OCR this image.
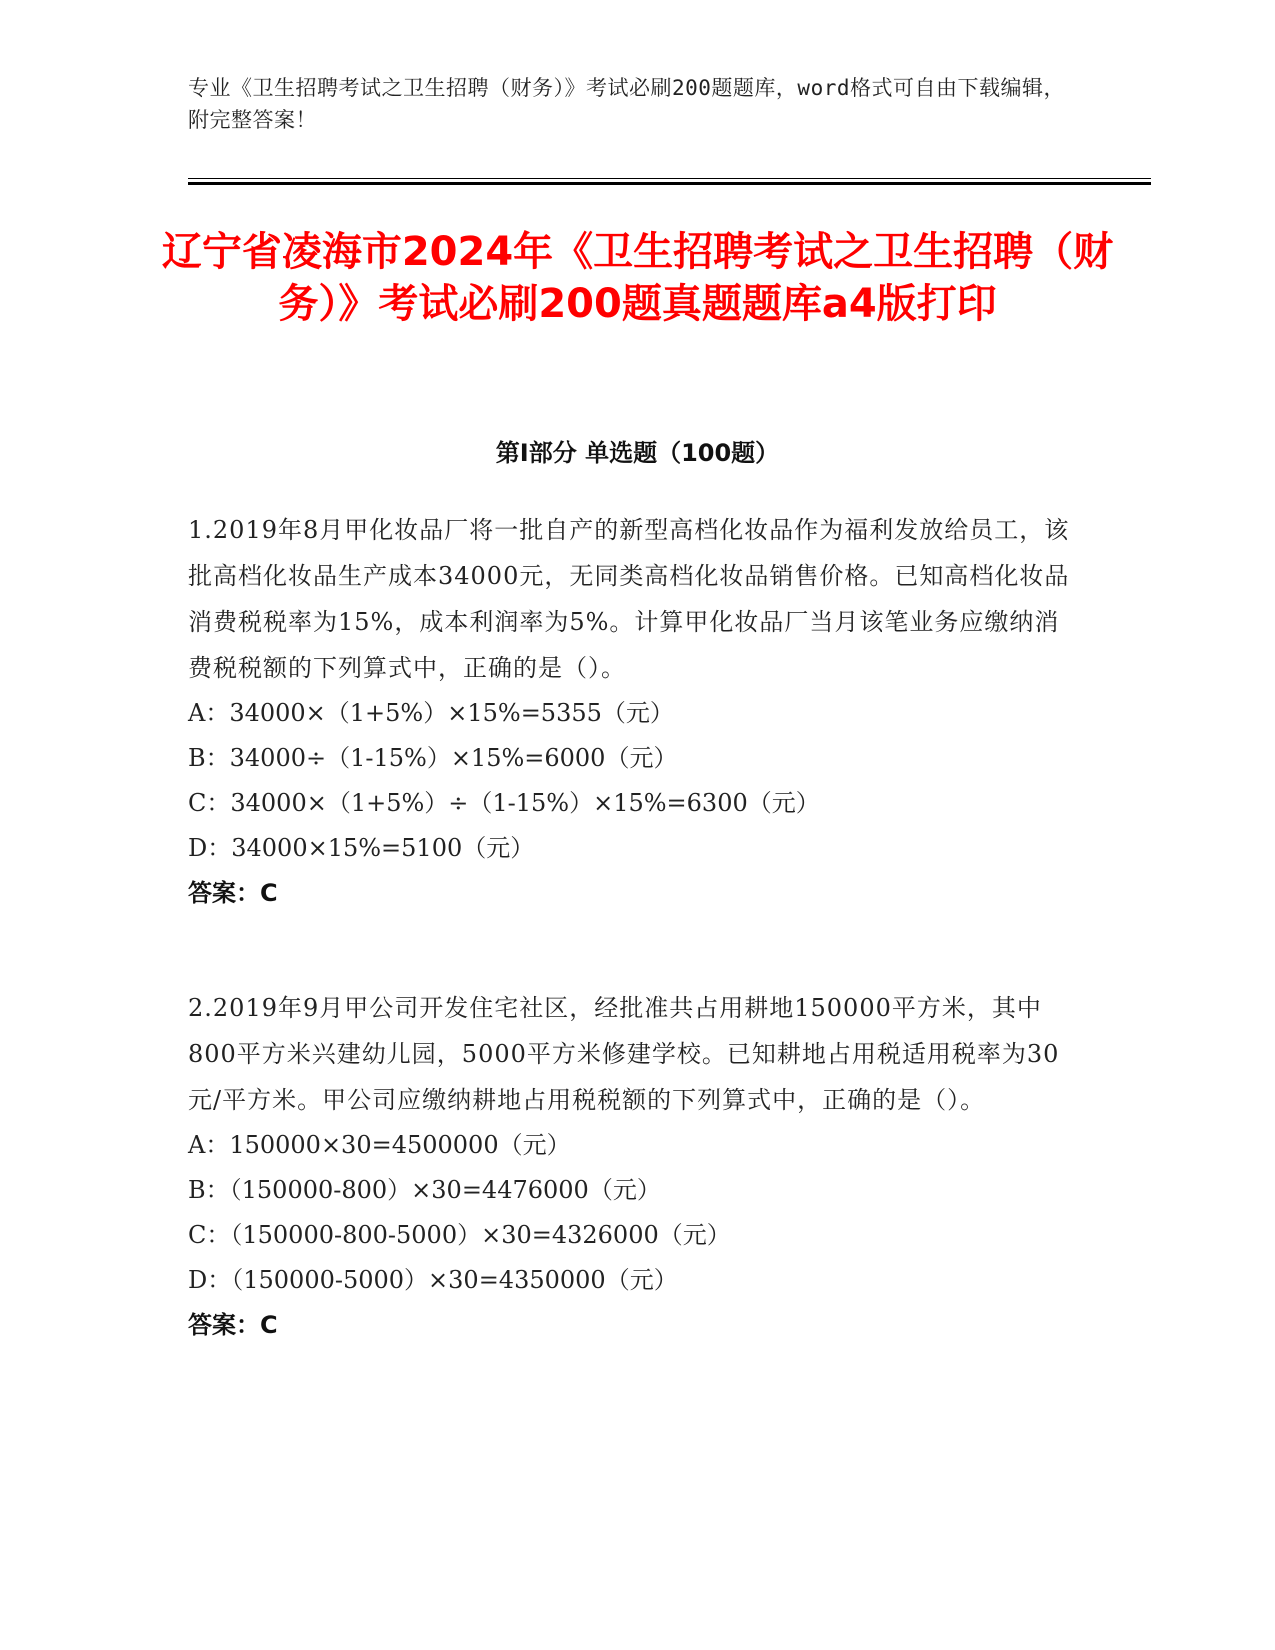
专业《卫生招聘考试之卫生招聘（财务）》考试必刷200题题库，word格式可自由下载编辑，附完整答案！
辽宁省凌海市2024年《卫生招聘考试之卫生招聘（财务）》考试必刷200题真题题库a4版打印
第Ⅰ部分 单选题（100题）
1.2019年8月甲化妆品厂将一批自产的新型高档化妆品作为福利发放给员工，该批高档化妆品生产成本34000元，无同类高档化妆品销售价格。已知高档化妆品消费税税率为15%，成本利润率为5%。计算甲化妆品厂当月该笔业务应缴纳消费税税额的下列算式中，正确的是（）。
A：34000×（1+5%）×15%=5355（元）
B：34000÷（1-15%）×15%=6000（元）
C：34000×（1+5%）÷（1-15%）×15%=6300（元）
D：34000×15%=5100（元）
答案：C
2.2019年9月甲公司开发住宅社区，经批准共占用耕地150000平方米，其中800平方米兴建幼儿园，5000平方米修建学校。已知耕地占用税适用税率为30元/平方米。甲公司应缴纳耕地占用税税额的下列算式中，正确的是（）。
A：150000×30=4500000（元）
B：（150000-800）×30=4476000（元）
C：（150000-800-5000）×30=4326000（元）
D：（150000-5000）×30=4350000（元）
答案：C
